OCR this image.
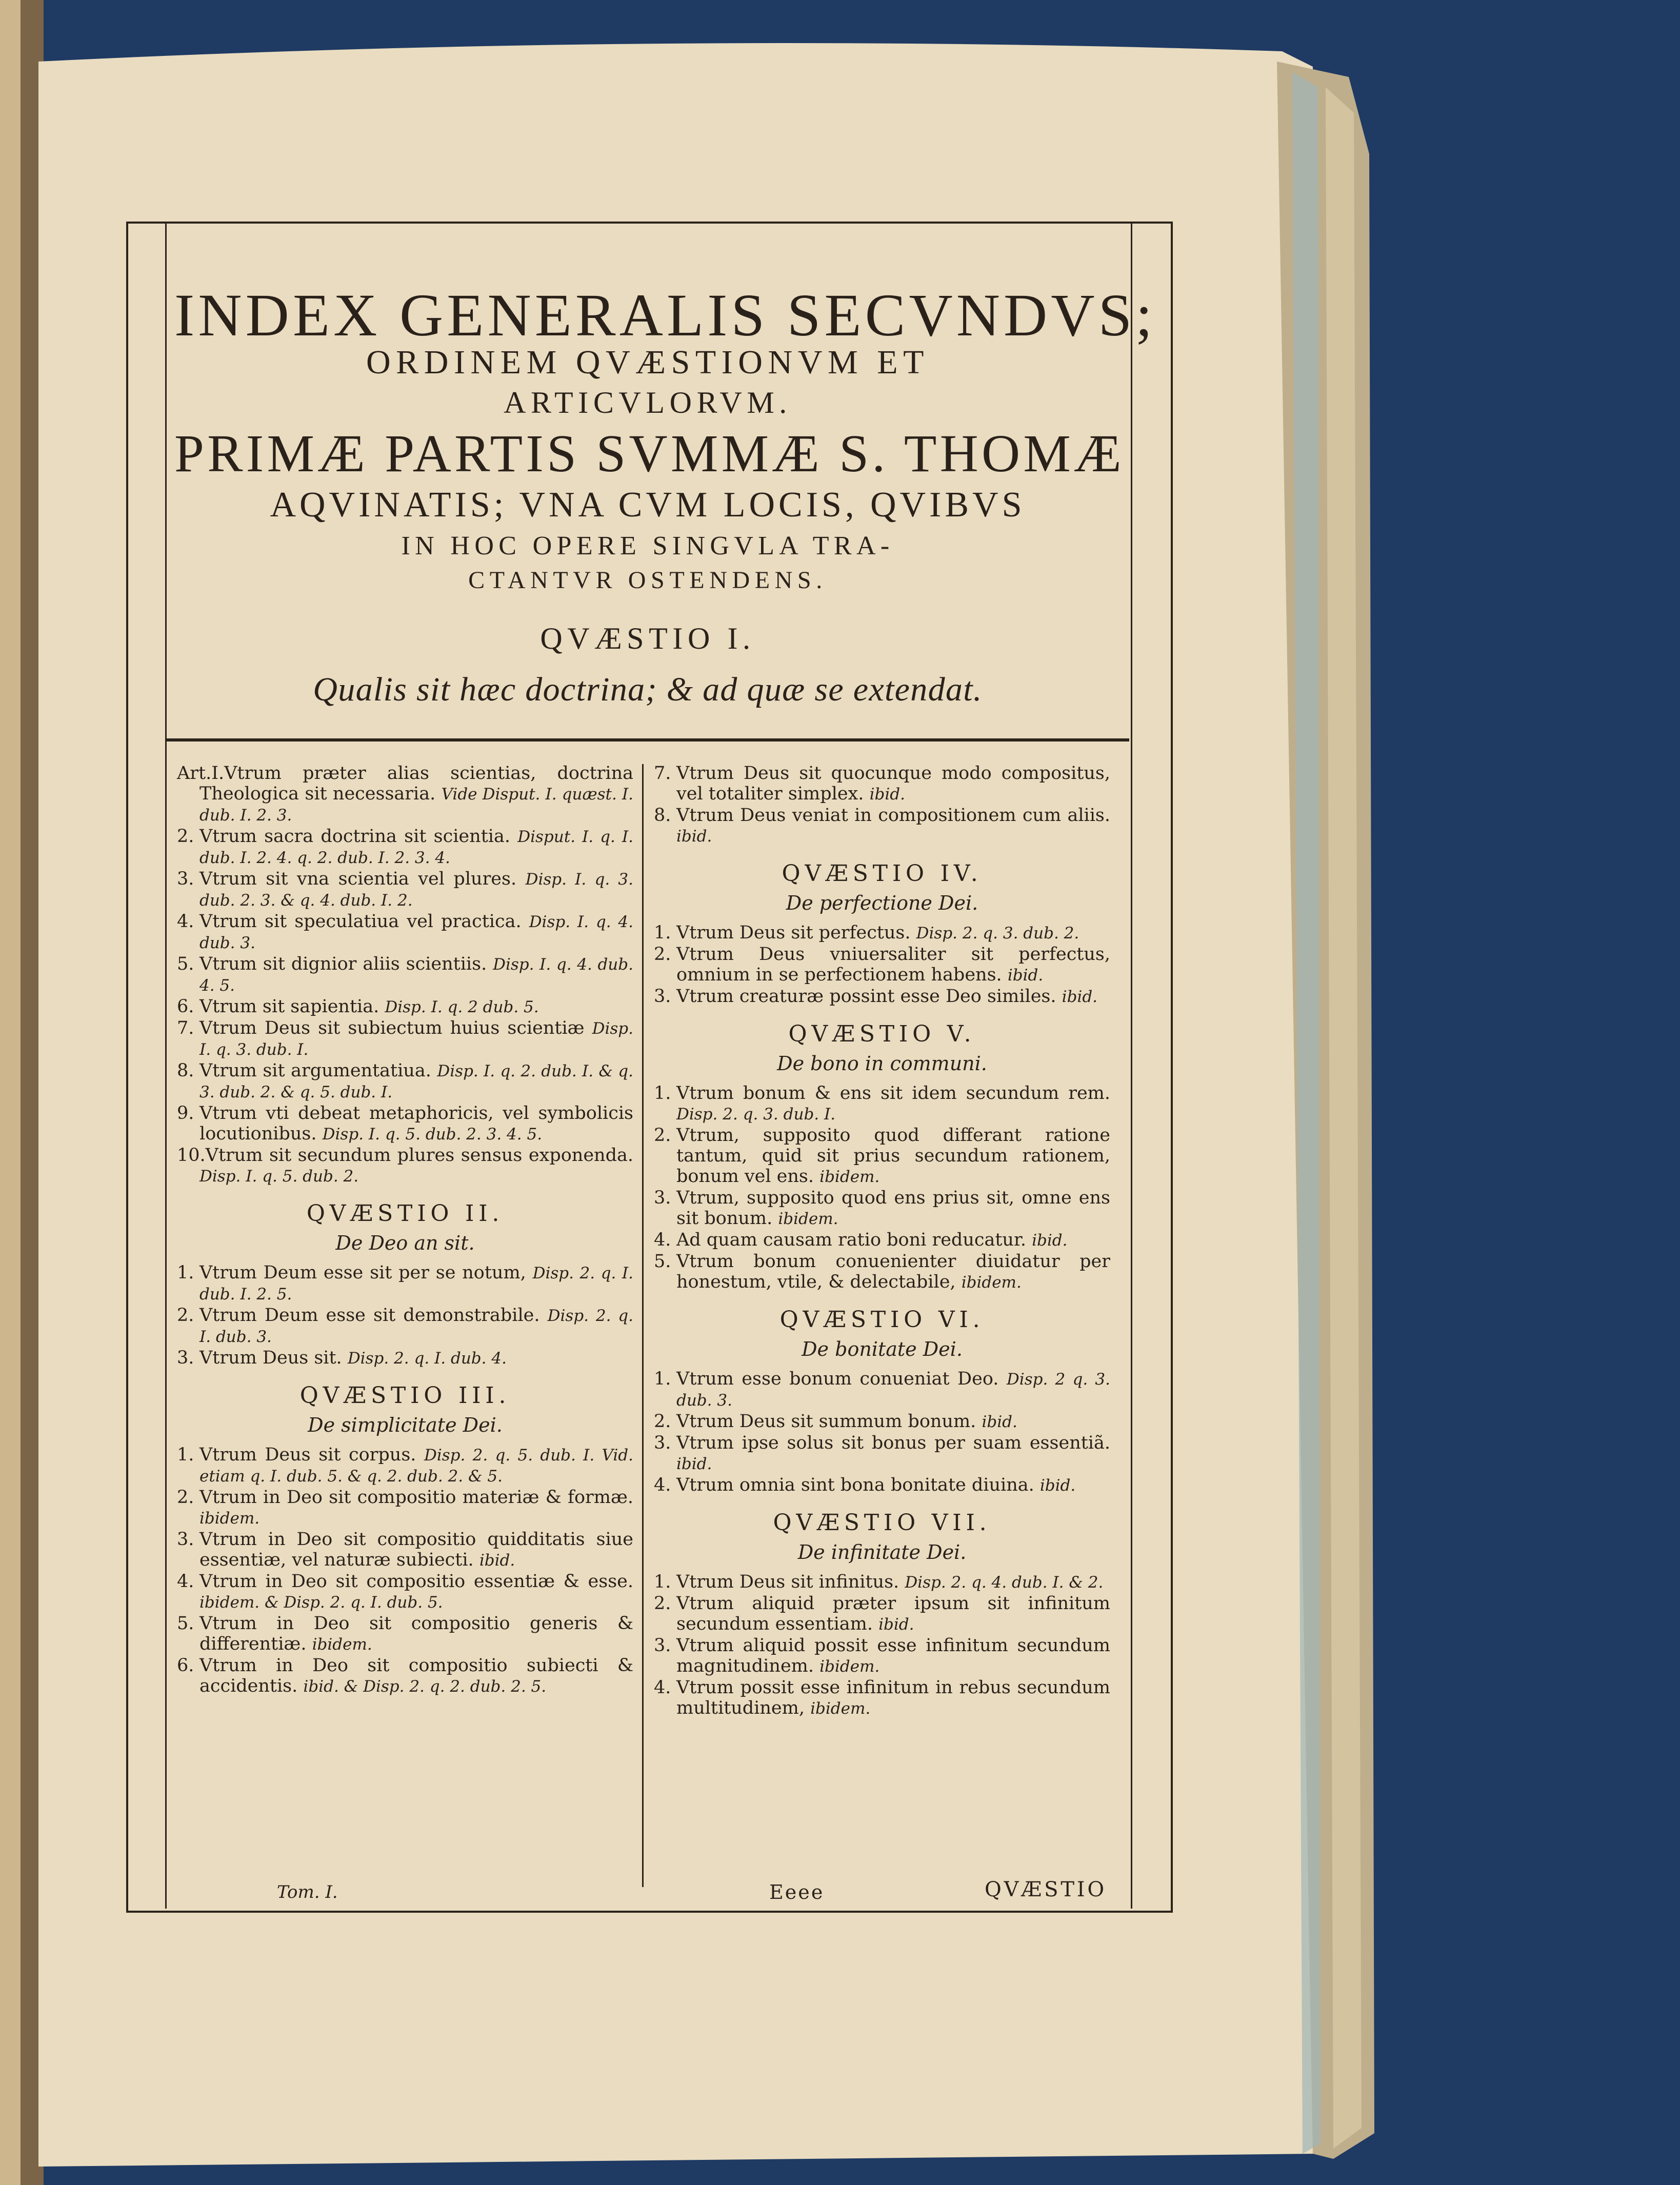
INDEX GENERALIS SECVNDVS;
ORDINEM QVÆSTIONVM ET
ARTICVLORVM.
PRIMÆ PARTIS SVMMÆ S. THOMÆ
AQVINATIS; VNA CVM LOCIS, QVIBVS
IN HOC OPERE SINGVLA TRA-
CTANTVR OSTENDENS.
QVÆSTIO I.
Qualis sit hæc doctrina; & ad quæ se extendat.

Art.I.Vtrum præter alias scientias, doctrina Theologica sit necessaria. Vide Disput. I. quæst. I. dub. I. 2. 3.

2. Vtrum sacra doctrina sit scientia. Disput. I. q. I. dub. I. 2. 4. q. 2. dub. I. 2. 3. 4.

3. Vtrum sit vna scientia vel plures. Disp. I. q. 3. dub. 2. 3. & q. 4. dub. I. 2.

4. Vtrum sit speculatiua vel practica. Disp. I. q. 4. dub. 3.

5. Vtrum sit dignior aliis scientiis. Disp. I. q. 4. dub. 4. 5.

6. Vtrum sit sapientia. Disp. I. q. 2 dub. 5.

7. Vtrum Deus sit subiectum huius scientiæ Disp. I. q. 3. dub. I.

8. Vtrum sit argumentatiua. Disp. I. q. 2. dub. I. & q. 3. dub. 2. & q. 5. dub. I.

9. Vtrum vti debeat metaphoricis, vel symbolicis locutionibus. Disp. I. q. 5. dub. 2. 3. 4. 5.

10.Vtrum sit secundum plures sensus exponenda. Disp. I. q. 5. dub. 2.

QVÆSTIO II.
De Deo an sit.

1. Vtrum Deum esse sit per se notum, Disp. 2. q. I. dub. I. 2. 5.

2. Vtrum Deum esse sit demonstrabile. Disp. 2. q. I. dub. 3.

3. Vtrum Deus sit. Disp. 2. q. I. dub. 4.

QVÆSTIO III.
De simplicitate Dei.

1. Vtrum Deus sit corpus. Disp. 2. q. 5. dub. I. Vid. etiam q. I. dub. 5. & q. 2. dub. 2. & 5.

2. Vtrum in Deo sit compositio materiæ & formæ. ibidem.

3. Vtrum in Deo sit compositio quidditatis siue essentiæ, vel naturæ subiecti. ibid.

4. Vtrum in Deo sit compositio essentiæ & esse. ibidem. & Disp. 2. q. I. dub. 5.

5. Vtrum in Deo sit compositio generis & differentiæ. ibidem.

6. Vtrum in Deo sit compositio subiecti & accidentis. ibid. & Disp. 2. q. 2. dub. 2. 5.

7. Vtrum Deus sit quocunque modo compositus, vel totaliter simplex. ibid.

8. Vtrum Deus veniat in compositionem cum aliis. ibid.

QVÆSTIO IV.
De perfectione Dei.

1. Vtrum Deus sit perfectus. Disp. 2. q. 3. dub. 2.

2. Vtrum Deus vniuersaliter sit perfectus, omnium in se perfectionem habens. ibid.

3. Vtrum creaturæ possint esse Deo similes. ibid.

QVÆSTIO V.
De bono in communi.

1. Vtrum bonum & ens sit idem secundum rem. Disp. 2. q. 3. dub. I.

2. Vtrum, supposito quod differant ratione tantum, quid sit prius secundum rationem, bonum vel ens. ibidem.

3. Vtrum, supposito quod ens prius sit, omne ens sit bonum. ibidem.

4. Ad quam causam ratio boni reducatur. ibid.

5. Vtrum bonum conuenienter diuidatur per honestum, vtile, & delectabile, ibidem.

QVÆSTIO VI.
De bonitate Dei.

1. Vtrum esse bonum conueniat Deo. Disp. 2 q. 3. dub. 3.

2. Vtrum Deus sit summum bonum. ibid.

3. Vtrum ipse solus sit bonus per suam essentiã. ibid.

4. Vtrum omnia sint bona bonitate diuina. ibid.

QVÆSTIO VII.
De infinitate Dei.

1. Vtrum Deus sit infinitus. Disp. 2. q. 4. dub. I. & 2.

2. Vtrum aliquid præter ipsum sit infinitum secundum essentiam. ibid.

3. Vtrum aliquid possit esse infinitum secundum magnitudinem. ibidem.

4. Vtrum possit esse infinitum in rebus secundum multitudinem, ibidem.

Tom. I.	Eeee	QVÆSTIO
